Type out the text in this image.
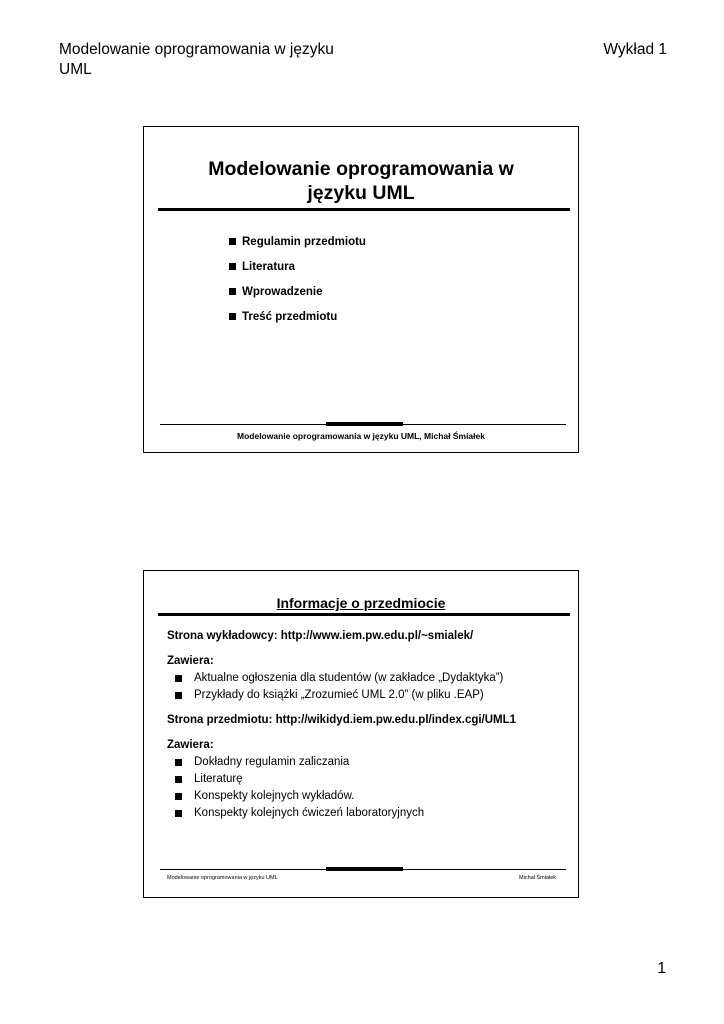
Modelowanie oprogramowania w języku UML
Wykład 1
Modelowanie oprogramowania w
języku UML
Regulamin przedmiotu
Literatura
Wprowadzenie
Treść przedmiotu
Modelowanie oprogramowania w języku UML, Michał Śmiałek
Informacje o przedmiocie
Strona wykładowcy: http://www.iem.pw.edu.pl/~smialek/
Zawiera:
Aktualne ogłoszenia dla studentów (w zakładce „Dydaktyka”)
Przykłady do książki „Zrozumieć UML 2.0” (w pliku .EAP)
Strona przedmiotu: http://wikidyd.iem.pw.edu.pl/index.cgi/UML1
Zawiera:
Dokładny regulamin zaliczania
Literaturę
Konspekty kolejnych wykładów.
Konspekty kolejnych ćwiczeń laboratoryjnych
Modelowanie oprogramowania w języku UML	Michał Śmiałek
1
